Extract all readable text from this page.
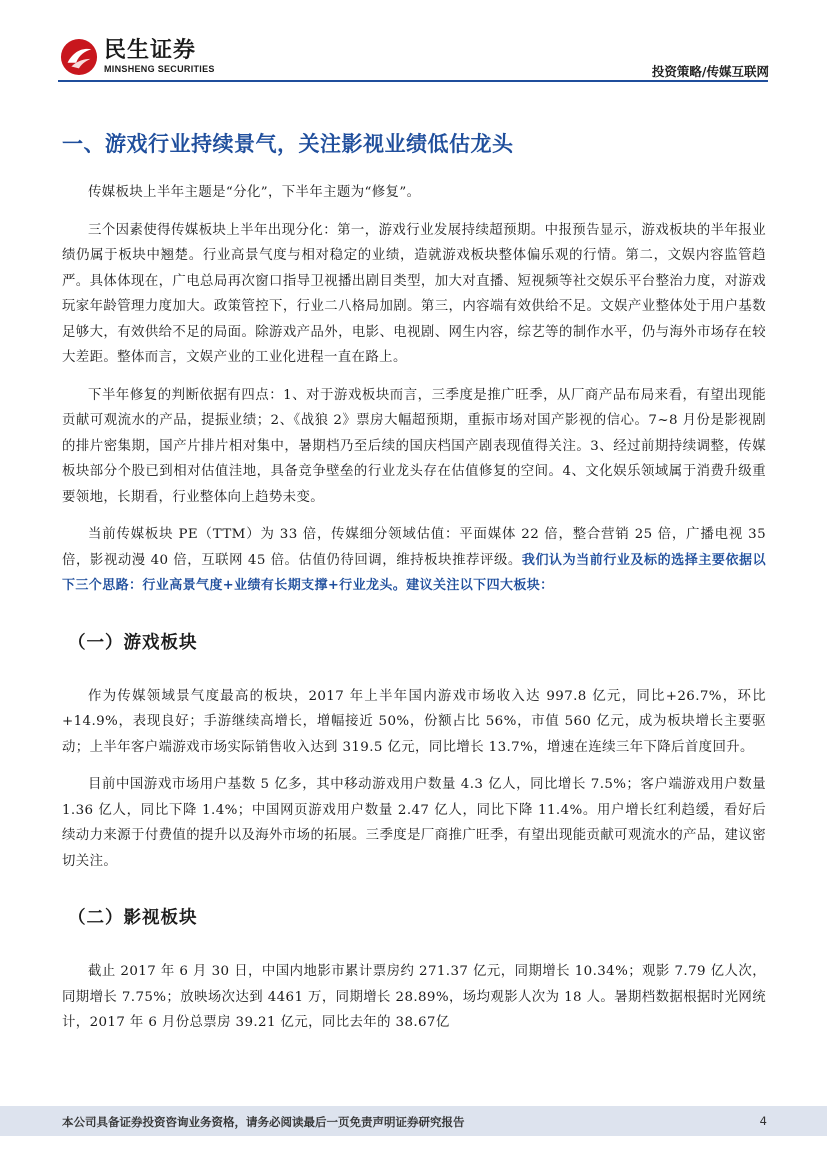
民生证券
MINSHENG SECURITIES	投资策略/传媒互联网
一、游戏行业持续景气，关注影视业绩低估龙头

传媒板块上半年主题是“分化”，下半年主题为“修复”。

三个因素使得传媒板块上半年出现分化：第一，游戏行业发展持续超预期。中报预告显示，游戏板块的半年报业绩仍属于板块中翘楚。行业高景气度与相对稳定的业绩，造就游戏板块整体偏乐观的行情。第二，文娱内容监管趋严。具体体现在，广电总局再次窗口指导卫视播出剧目类型，加大对直播、短视频等社交娱乐平台整治力度，对游戏玩家年龄管理力度加大。政策管控下，行业二八格局加剧。第三，内容端有效供给不足。文娱产业整体处于用户基数足够大，有效供给不足的局面。除游戏产品外，电影、电视剧、网生内容，综艺等的制作水平，仍与海外市场存在较大差距。整体而言，文娱产业的工业化进程一直在路上。

下半年修复的判断依据有四点：1、对于游戏板块而言，三季度是推广旺季，从厂商产品布局来看，有望出现能贡献可观流水的产品，提振业绩；2、《战狼 2》票房大幅超预期，重振市场对国产影视的信心。7~8 月份是影视剧的排片密集期，国产片排片相对集中，暑期档乃至后续的国庆档国产剧表现值得关注。3、经过前期持续调整，传媒板块部分个股已到相对估值洼地，具备竞争壁垒的行业龙头存在估值修复的空间。4、文化娱乐领域属于消费升级重要领地，长期看，行业整体向上趋势未变。

当前传媒板块 PE（TTM）为 33 倍，传媒细分领域估值：平面媒体 22 倍，整合营销 25 倍，广播电视 35 倍，影视动漫 40 倍，互联网 45 倍。估值仍待回调，维持板块推荐评级。我们认为当前行业及标的选择主要依据以下三个思路：行业高景气度+业绩有长期支撑+行业龙头。建议关注以下四大板块：

（一）游戏板块

作为传媒领域景气度最高的板块，2017 年上半年国内游戏市场收入达 997.8 亿元，同比+26.7%，环比+14.9%，表现良好；手游继续高增长，增幅接近 50%，份额占比 56%，市值 560 亿元，成为板块增长主要驱动；上半年客户端游戏市场实际销售收入达到 319.5 亿元，同比增长 13.7%，增速在连续三年下降后首度回升。

目前中国游戏市场用户基数 5 亿多，其中移动游戏用户数量 4.3 亿人，同比增长 7.5%；客户端游戏用户数量 1.36 亿人，同比下降 1.4%；中国网页游戏用户数量 2.47 亿人，同比下降 11.4%。用户增长红利趋缓，看好后续动力来源于付费值的提升以及海外市场的拓展。三季度是厂商推广旺季，有望出现能贡献可观流水的产品，建议密切关注。

（二）影视板块

截止 2017 年 6 月 30 日，中国内地影市累计票房约 271.37 亿元，同期增长 10.34%；观影 7.79 亿人次，同期增长 7.75%；放映场次达到 4461 万，同期增长 28.89%，场均观影人次为 18 人。暑期档数据根据时光网统计，2017 年 6 月份总票房 39.21 亿元，同比去年的 38.67亿

本公司具备证券投资咨询业务资格，请务必阅读最后一页免责声明证券研究报告	4
